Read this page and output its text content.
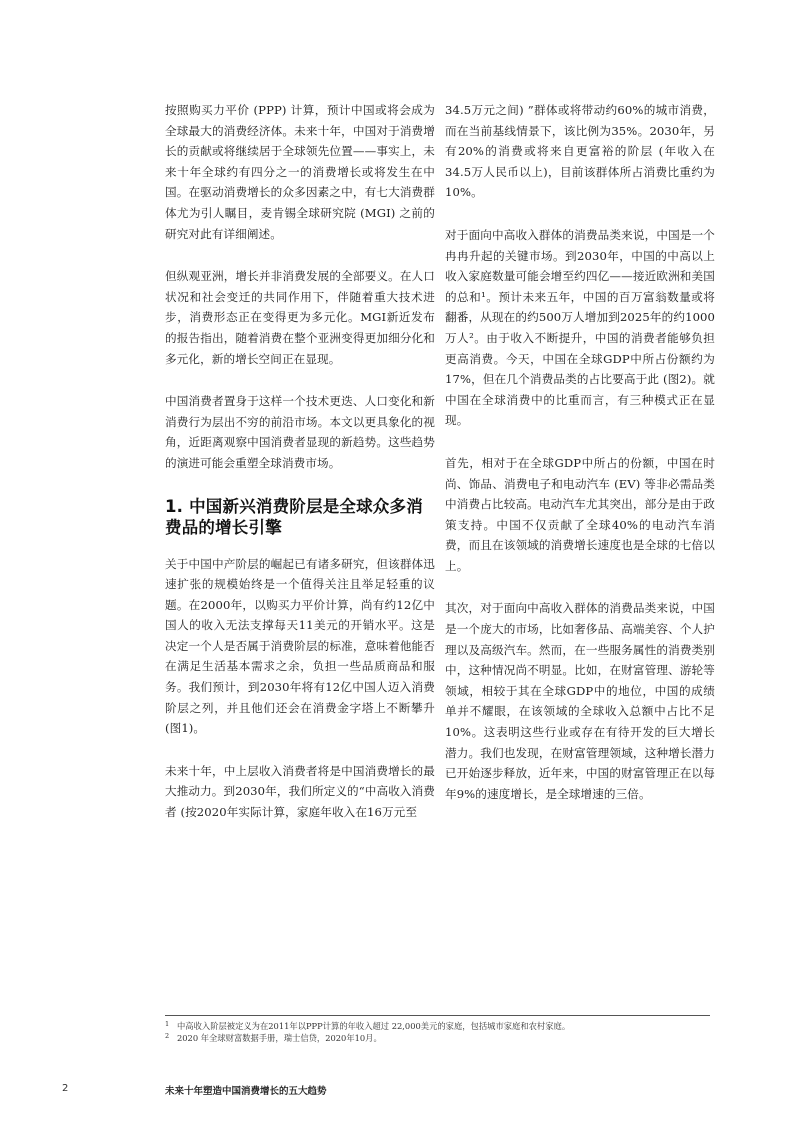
按照购买力平价 (PPP) 计算，预计中国或将会成为全球最大的消费经济体。未来十年，中国对于消费增长的贡献或将继续居于全球领先位置——事实上，未来十年全球约有四分之一的消费增长或将发生在中国。在驱动消费增长的众多因素之中，有七大消费群体尤为引人瞩目，麦肯锡全球研究院 (MGI) 之前的研究对此有详细阐述。

但纵观亚洲，增长并非消费发展的全部要义。在人口状况和社会变迁的共同作用下，伴随着重大技术进步，消费形态正在变得更为多元化。MGI新近发布的报告指出，随着消费在整个亚洲变得更加细分化和多元化，新的增长空间正在显现。

中国消费者置身于这样一个技术更迭、人口变化和新消费行为层出不穷的前沿市场。本文以更具象化的视角，近距离观察中国消费者显现的新趋势。这些趋势的演进可能会重塑全球消费市场。

1. 中国新兴消费阶层是全球众多消费品的增长引擎

关于中国中产阶层的崛起已有诸多研究，但该群体迅速扩张的规模始终是一个值得关注且举足轻重的议题。在2000年，以购买力平价计算，尚有约12亿中国人的收入无法支撑每天11美元的开销水平。这是决定一个人是否属于消费阶层的标准，意味着他能否在满足生活基本需求之余，负担一些品质商品和服务。我们预计，到2030年将有12亿中国人迈入消费阶层之列，并且他们还会在消费金字塔上不断攀升 (图1)。

未来十年，中上层收入消费者将是中国消费增长的最大推动力。到2030年，我们所定义的“中高收入消费者 (按2020年实际计算，家庭年收入在16万元至

34.5万元之间) ”群体或将带动约60%的城市消费，而在当前基线情景下，该比例为35%。2030年，另有20%的消费或将来自更富裕的阶层 (年收入在34.5万人民币以上)，目前该群体所占消费比重约为10%。

对于面向中高收入群体的消费品类来说，中国是一个冉冉升起的关键市场。到2030年，中国的中高以上收入家庭数量可能会增至约四亿——接近欧洲和美国的总和¹。预计未来五年，中国的百万富翁数量或将翻番，从现在的约500万人增加到2025年的约1000万人²。由于收入不断提升，中国的消费者能够负担更高消费。今天，中国在全球GDP中所占份额约为17%，但在几个消费品类的占比要高于此 (图2)。就中国在全球消费中的比重而言，有三种模式正在显现。

首先，相对于在全球GDP中所占的份额，中国在时尚、饰品、消费电子和电动汽车 (EV) 等非必需品类中消费占比较高。电动汽车尤其突出，部分是由于政策支持。中国不仅贡献了全球40%的电动汽车消费，而且在该领域的消费增长速度也是全球的七倍以上。

其次，对于面向中高收入群体的消费品类来说，中国是一个庞大的市场，比如奢侈品、高端美容、个人护理以及高级汽车。然而，在一些服务属性的消费类别中，这种情况尚不明显。比如，在财富管理、游轮等领域，相较于其在全球GDP中的地位，中国的成绩单并不耀眼，在该领域的全球收入总额中占比不足10%。这表明这些行业或存在有待开发的巨大增长潜力。我们也发现，在财富管理领域，这种增长潜力已开始逐步释放，近年来，中国的财富管理正在以每年9%的速度增长，是全球增速的三倍。

1 中高收入阶层被定义为在2011年以PPP计算的年收入超过 22,000美元的家庭，包括城市家庭和农村家庭。
2 2020 年全球财富数据手册，瑞士信贷，2020年10月。
2	未来十年塑造中国消费增长的五大趋势
